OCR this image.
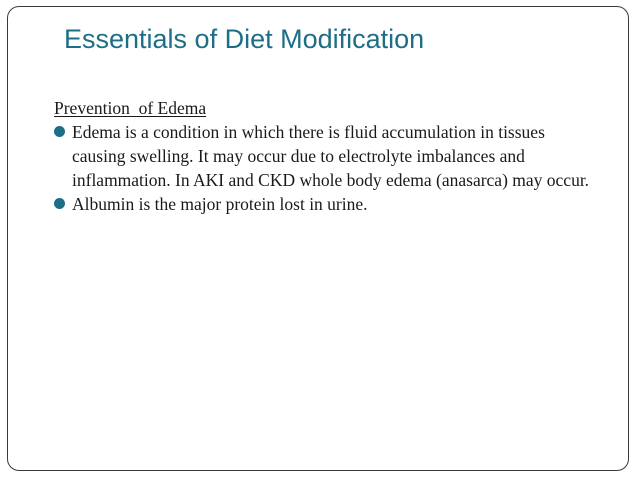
Essentials of Diet Modification
Prevention  of Edema
Edema is a condition in which there is fluid accumulation in tissues causing swelling. It may occur due to electrolyte imbalances and inflammation. In AKI and CKD whole body edema (anasarca) may occur.
Albumin is the major protein lost in urine.
